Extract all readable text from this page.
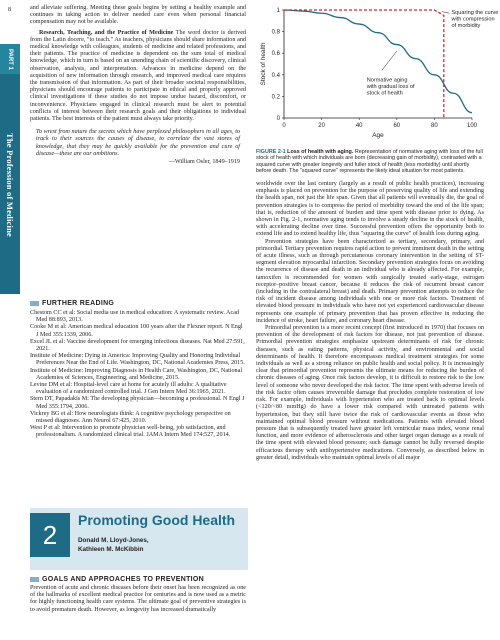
8
PART 1
The Profession of Medicine

and alleviate suffering. Meeting these goals begins by setting a healthy example and continues in taking action to deliver needed care even when personal financial compensation may not be available.

Research, Teaching, and the Practice of Medicine The word doctor is derived from the Latin docere, "to teach." As teachers, physicians should share information and medical knowledge with colleagues, students of medicine and related professions, and their patients. The practice of medicine is dependent on the sum total of medical knowledge, which in turn is based on an unending chain of scientific discovery, clinical observation, analysis, and interpretation. Advances in medicine depend on the acquisition of new information through research, and improved medical care requires the transmission of that information. As part of their broader societal responsibilities, physicians should encourage patients to participate in ethical and properly approved clinical investigations if these studies do not impose undue hazard, discomfort, or inconvenience. Physicians engaged in clinical research must be alert to potential conflicts of interest between their research goals and their obligations to individual patients. The best interests of the patient must always take priority.

To wrest from nature the secrets which have perplexed philosophers in all ages, to track to their sources the causes of disease, to correlate the vast stores of knowledge, that they may be quickly available for the prevention and cure of disease—these are our ambitions.

—William Osler, 1849–1919

FURTHER READING

Chestom CC et al: Social media use in medical education: A systematic review. Acad Med 88:893, 2013.

Cooke M et al: American medical education 100 years after the Flexner report. N Engl J Med 355:1339, 2006.

Excel JL et al: Vaccine development for emerging infectious diseases. Nat Med 27:591, 2021.

Institute of Medicine: Dying in America: Improving Quality and Honoring Individual Preferences Near the End of Life. Washington, DC, National Academies Press, 2015.

Institute of Medicine: Improving Diagnosis in Health Care, Washington, DC, National Academies of Sciences, Engineering, and Medicine, 2015.

Levine DM et al: Hospital-level care at home for acutely ill adults: A qualitative evaluation of a randomized controlled trial. J Gen Intern Med 36:1965, 2021.

Stern DT, Papadakis M: The developing physician—becoming a professional. N Engl J Med 355:1794, 2006.

Vickrey BG et al: How neurologists think: A cognitive psychology perspective on missed diagnoses. Ann Neurol 67:425, 2010.

West P et al: Intervention to promote physician well-being, job satisfaction, and professionalism. A randomized clinical trial. JAMA Intern Med 174:527, 2014.

2	Promoting Good Health
Donald M. Lloyd-Jones,
Kathleen M. McKibbin
GOALS AND APPROACHES TO PREVENTION
Prevention of acute and chronic diseases before their onset has been recognized as one of the hallmarks of excellent medical practice for centuries and is now used as a metric for highly functioning health care systems. The ultimate goal of preventive strategies is to avoid premature death. However, as longevity has increased dramatically
0	20	40	60	80	100
0
0.2
0.4
0.6
0.8
1
Age
Stock of health
Squaring the curve with compression of morbidity
Normative aging with gradual loss of stock of health
FIGURE 2-1 Loss of health with aging. Representation of normative aging with loss of the full stock of health with which individuals are born (decreasing gain of morbidity), contrasted with a squared curve with greater longevity and fuller stock of health (less morbidity) until shortly before death. The "squared curve" represents the likely ideal situation for most patients.

worldwide over the last century (largely as a result of public health practices), increasing emphasis is placed on prevention for the purpose of preserving quality of life and extending the health span, not just the life span. Given that all patients will eventually die, the goal of prevention strategies is to compress the period of morbidity toward the end of the life span; that is, reduction of the amount of burden and time spent with disease prior to dying. As shown in Fig. 2-1, normative aging tends to involve a steady decline in the stock of health, with accelerating decline over time. Successful prevention offers the opportunity both to extend life and to extend healthy life, thus "squaring the curve" of health loss during aging.

Prevention strategies have been characterized as tertiary, secondary, primary, and primordial. Tertiary prevention requires rapid action to prevent imminent death in the setting of acute illness, such as through percutaneous coronary intervention in the setting of ST-segment elevation myocardial infarction. Secondary prevention strategies focus on avoiding the recurrence of disease and death in an individual who is already affected. For example, tamoxifen is recommended for women with surgically treated early-stage, estrogen receptor–positive breast cancer, because it reduces the risk of recurrent breast cancer (including in the contralateral breast) and death. Primary prevention attempts to reduce the risk of incident disease among individuals with one or more risk factors. Treatment of elevated blood pressure in individuals who have not yet experienced cardiovascular disease represents one example of primary prevention that has proven effective in reducing the incidence of stroke, heart failure, and coronary heart disease.

Primordial prevention is a more recent concept (first introduced in 1970) that focuses on prevention of the development of risk factors for disease, not just prevention of disease. Primordial prevention strategies emphasize upstream determinants of risk for chronic diseases, such as eating patterns, physical activity, and environmental and social determinants of health. It therefore encompasses medical treatment strategies for some individuals as well as a strong reliance on public health and social policy. It is increasingly clear that primordial prevention represents the ultimate means for reducing the burden of chronic diseases of aging. Once risk factors develop, it is difficult to restore risk to the low level of someone who never developed the risk factor. The time spent with adverse levels of the risk factor often causes irreversible damage that precludes complete restoration of low risk. For example, individuals with hypertension who are treated back to optimal levels (<120/<80 mmHg) do have a lower risk compared with untreated patients with hypertension, but they still have twice the risk of cardiovascular events as those who maintained optimal blood pressure without medications. Patients with elevated blood pressure that is subsequently treated have greater left ventricular mass index, worse renal function, and more evidence of atherosclerosis and other target organ damage as a result of the time spent with elevated blood pressure; such damage cannot be fully reversed despite efficacious therapy with antihypertensive medications. Conversely, as described below in greater detail, individuals who maintain optimal levels of all major
